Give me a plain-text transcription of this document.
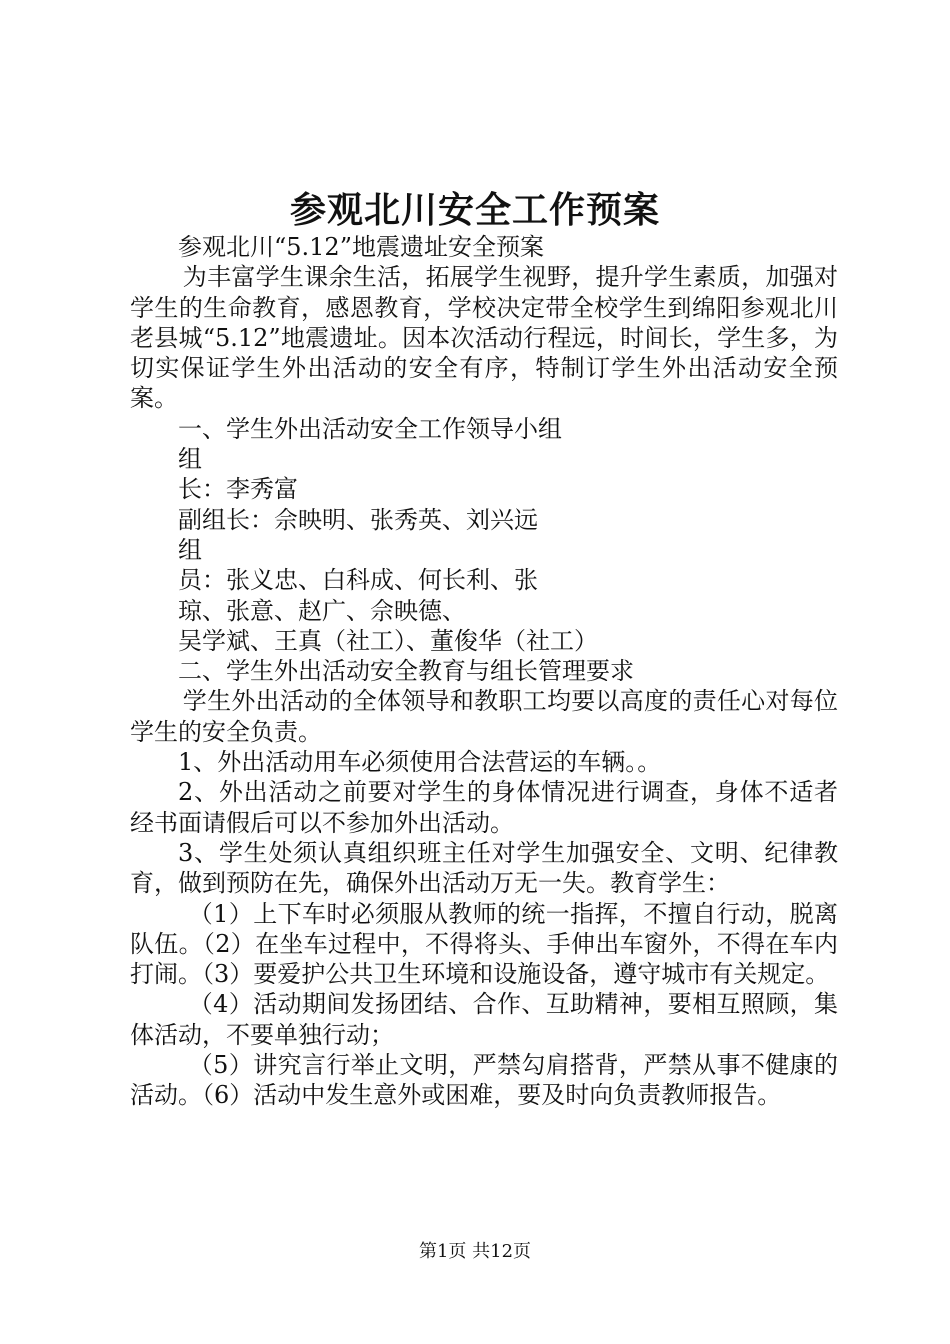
参观北川安全工作预案

参观北川“5.12”地震遗址安全预案

为丰富学生课余生活，拓展学生视野，提升学生素质，加强对学生的生命教育，感恩教育，学校决定带全校学生到绵阳参观北川老县城“5.12”地震遗址。因本次活动行程远，时间长，学生多，为切实保证学生外出活动的安全有序，特制订学生外出活动安全预案。

一、学生外出活动安全工作领导小组

组

长：李秀富

副组长：佘映明、张秀英、刘兴远

组

员：张义忠、白科成、何长利、张

琼、张意、赵广、佘映德、

吴学斌、王真（社工）、董俊华（社工）

二、学生外出活动安全教育与组长管理要求

学生外出活动的全体领导和教职工均要以高度的责任心对每位学生的安全负责。

1、外出活动用车必须使用合法营运的车辆。。

2、外出活动之前要对学生的身体情况进行调查，身体不适者经书面请假后可以不参加外出活动。

3、学生处须认真组织班主任对学生加强安全、文明、纪律教育，做到预防在先，确保外出活动万无一失。教育学生：

（1）上下车时必须服从教师的统一指挥，不擅自行动，脱离队伍。（2）在坐车过程中，不得将头、手伸出车窗外，不得在车内打闹。（3）要爱护公共卫生环境和设施设备，遵守城市有关规定。

（4）活动期间发扬团结、合作、互助精神，要相互照顾，集体活动，不要单独行动；

（5）讲究言行举止文明，严禁勾肩搭背，严禁从事不健康的活动。（6）活动中发生意外或困难，要及时向负责教师报告。

第1页 共12页
